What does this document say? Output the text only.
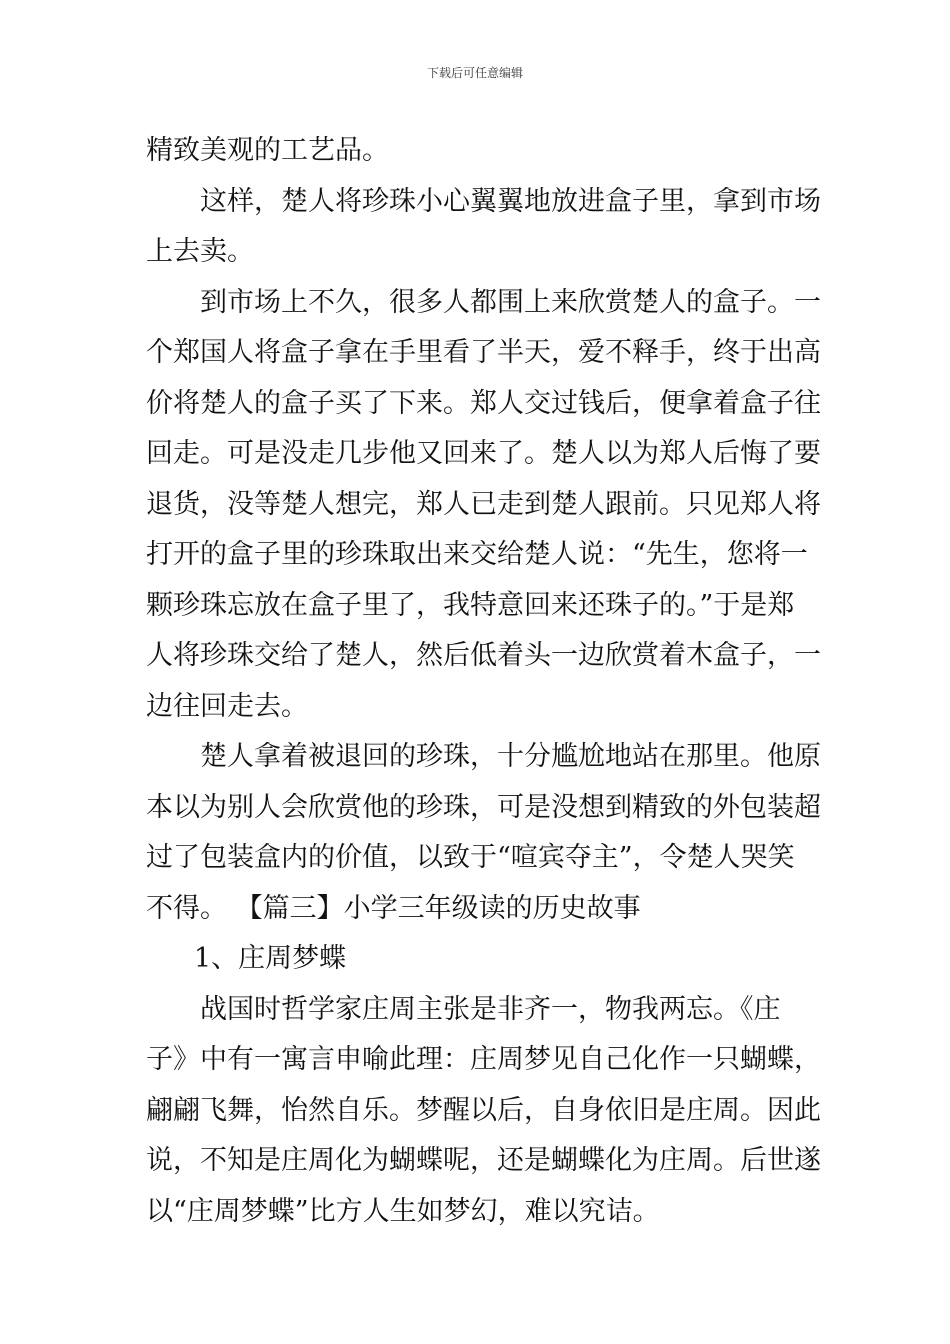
下载后可任意编辑
精致美观的工艺品。
这样，楚人将珍珠小心翼翼地放进盒子里，拿到市场
上去卖。
到市场上不久，很多人都围上来欣赏楚人的盒子。一
个郑国人将盒子拿在手里看了半天，爱不释手，终于出高
价将楚人的盒子买了下来。郑人交过钱后，便拿着盒子往
回走。可是没走几步他又回来了。楚人以为郑人后悔了要
退货，没等楚人想完，郑人已走到楚人跟前。只见郑人将
打开的盒子里的珍珠取出来交给楚人说：“先生，您将一
颗珍珠忘放在盒子里了，我特意回来还珠子的。”于是郑
人将珍珠交给了楚人，然后低着头一边欣赏着木盒子，一
边往回走去。
楚人拿着被退回的珍珠，十分尴尬地站在那里。他原
本以为别人会欣赏他的珍珠，可是没想到精致的外包装超
过了包装盒内的价值，以致于“喧宾夺主”，令楚人哭笑
不得。 【篇三】小学三年级读的历史故事
1、庄周梦蝶
战国时哲学家庄周主张是非齐一，物我两忘。《庄
子》中有一寓言申喻此理：庄周梦见自己化作一只蝴蝶，
翩翩飞舞，怡然自乐。梦醒以后，自身依旧是庄周。因此
说，不知是庄周化为蝴蝶呢，还是蝴蝶化为庄周。后世遂
以“庄周梦蝶”比方人生如梦幻，难以究诘。
